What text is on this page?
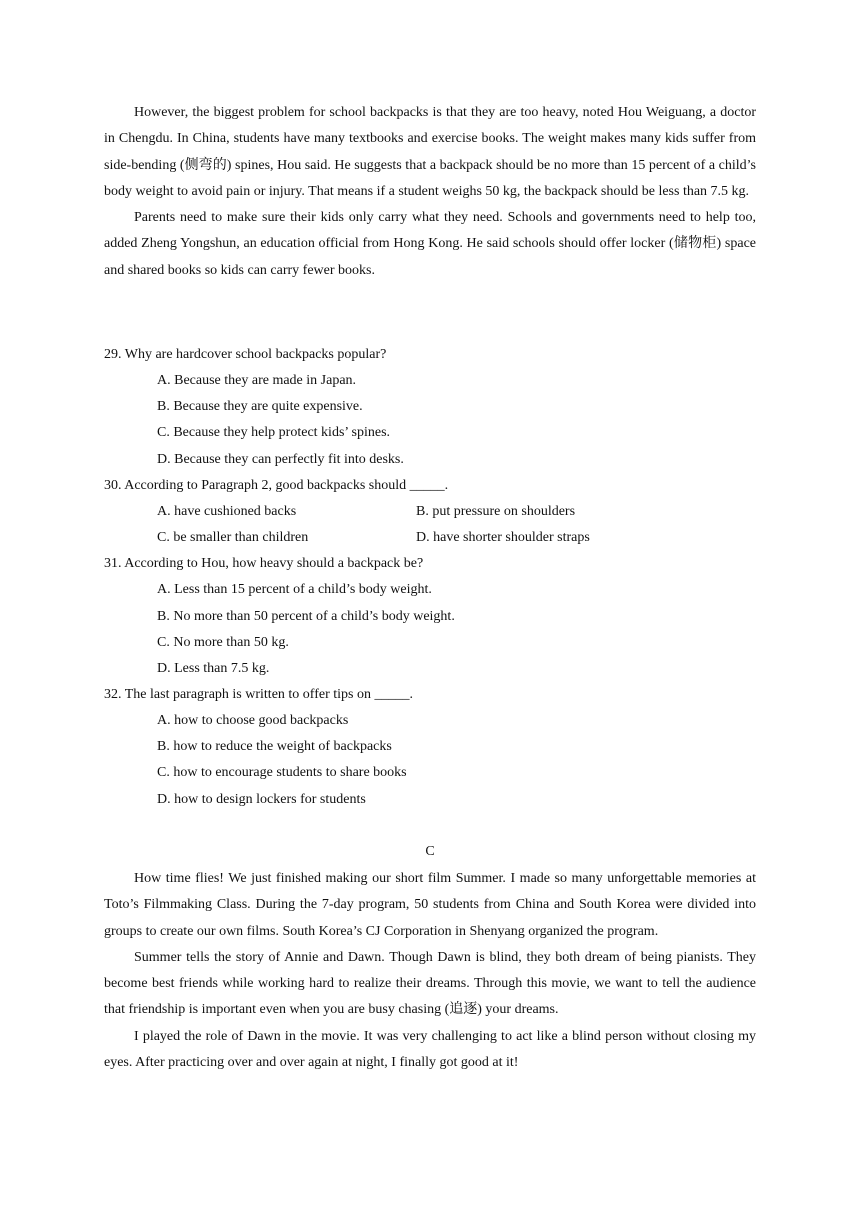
However, the biggest problem for school backpacks is that they are too heavy, noted Hou Weiguang, a doctor in Chengdu. In China, students have many textbooks and exercise books. The weight makes many kids suffer from side-bending (侧弯的) spines, Hou said. He suggests that a backpack should be no more than 15 percent of a child’s body weight to avoid pain or injury. That means if a student weighs 50 kg, the backpack should be less than 7.5 kg.

Parents need to make sure their kids only carry what they need. Schools and governments need to help too, added Zheng Yongshun, an education official from Hong Kong. He said schools should offer locker (储物柜) space and shared books so kids can carry fewer books.

29. Why are hardcover school backpacks popular?
A. Because they are made in Japan.
B. Because they are quite expensive.
C. Because they help protect kids’ spines.
D. Because they can perfectly fit into desks.
30. According to Paragraph 2, good backpacks should _____.
A. have cushioned backs	B. put pressure on shoulders
C. be smaller than children	D. have shorter shoulder straps
31. According to Hou, how heavy should a backpack be?
A. Less than 15 percent of a child’s body weight.
B. No more than 50 percent of a child’s body weight.
C. No more than 50 kg.
D. Less than 7.5 kg.
32. The last paragraph is written to offer tips on _____.
A. how to choose good backpacks
B. how to reduce the weight of backpacks
C. how to encourage students to share books
D. how to design lockers for students
C

How time flies! We just finished making our short film Summer. I made so many unforgettable memories at Toto’s Filmmaking Class. During the 7-day program, 50 students from China and South Korea were divided into groups to create our own films. South Korea’s CJ Corporation in Shenyang organized the program.

Summer tells the story of Annie and Dawn. Though Dawn is blind, they both dream of being pianists. They become best friends while working hard to realize their dreams. Through this movie, we want to tell the audience that friendship is important even when you are busy chasing (追逐) your dreams.

I played the role of Dawn in the movie. It was very challenging to act like a blind person without closing my eyes. After practicing over and over again at night, I finally got good at it!
